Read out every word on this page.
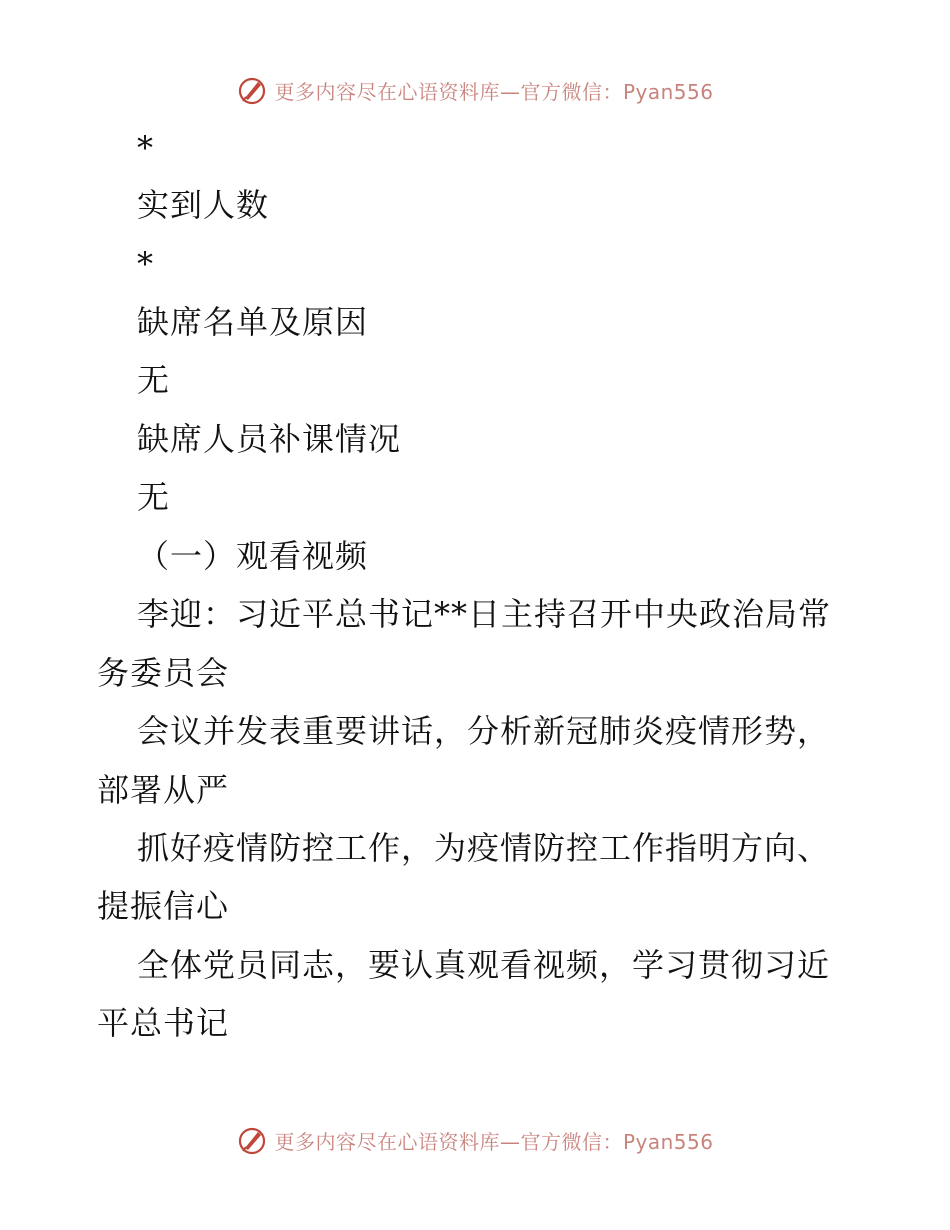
更多内容尽在心语资料库—官方微信：Pyan556
*
实到人数
*
缺席名单及原因
无
缺席人员补课情况
无
（一）观看视频
李迎：习近平总书记**日主持召开中央政治局常
务委员会
会议并发表重要讲话，分析新冠肺炎疫情形势，
部署从严
抓好疫情防控工作，为疫情防控工作指明方向、
提振信心
全体党员同志，要认真观看视频，学习贯彻习近
平总书记
更多内容尽在心语资料库—官方微信：Pyan556
